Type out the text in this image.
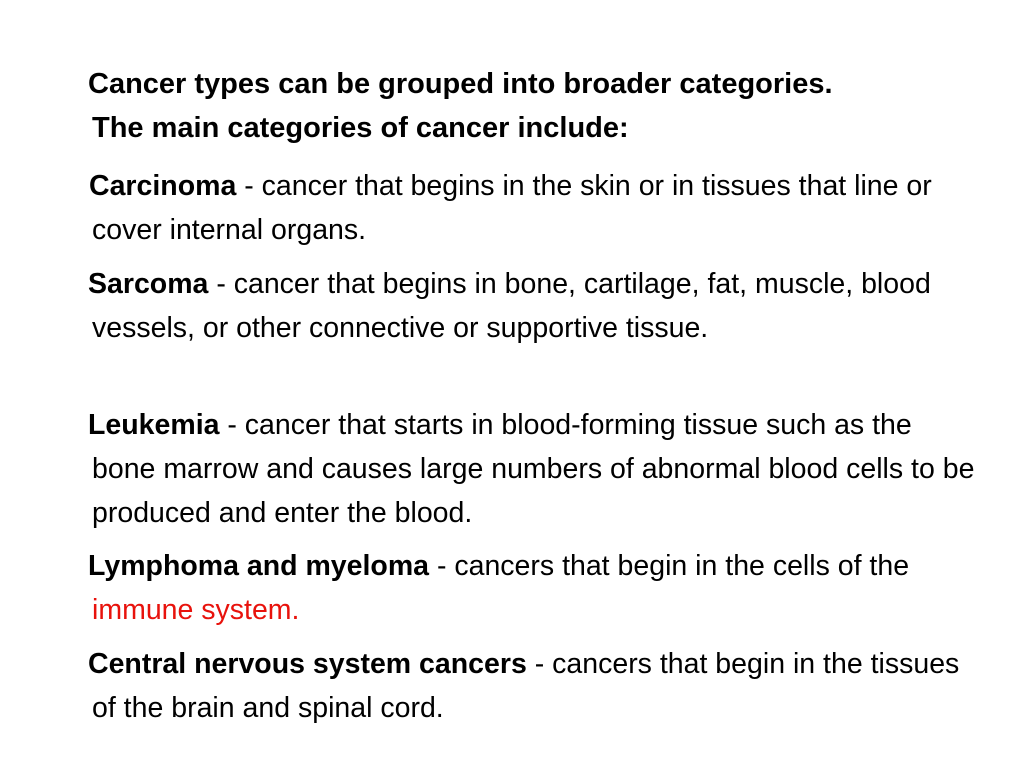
Cancer types can be grouped into broader categories.
The main categories of cancer include:
Carcinoma - cancer that begins in the skin or in tissues that line or cover internal organs.
Sarcoma - cancer that begins in bone, cartilage, fat, muscle, blood vessels, or other connective or supportive tissue.
Leukemia - cancer that starts in blood-forming tissue such as the bone marrow and causes large numbers of abnormal blood cells to be produced and enter the blood.
Lymphoma and myeloma - cancers that begin in the cells of the immune system.
Central nervous system cancers - cancers that begin in the tissues of the brain and spinal cord.
